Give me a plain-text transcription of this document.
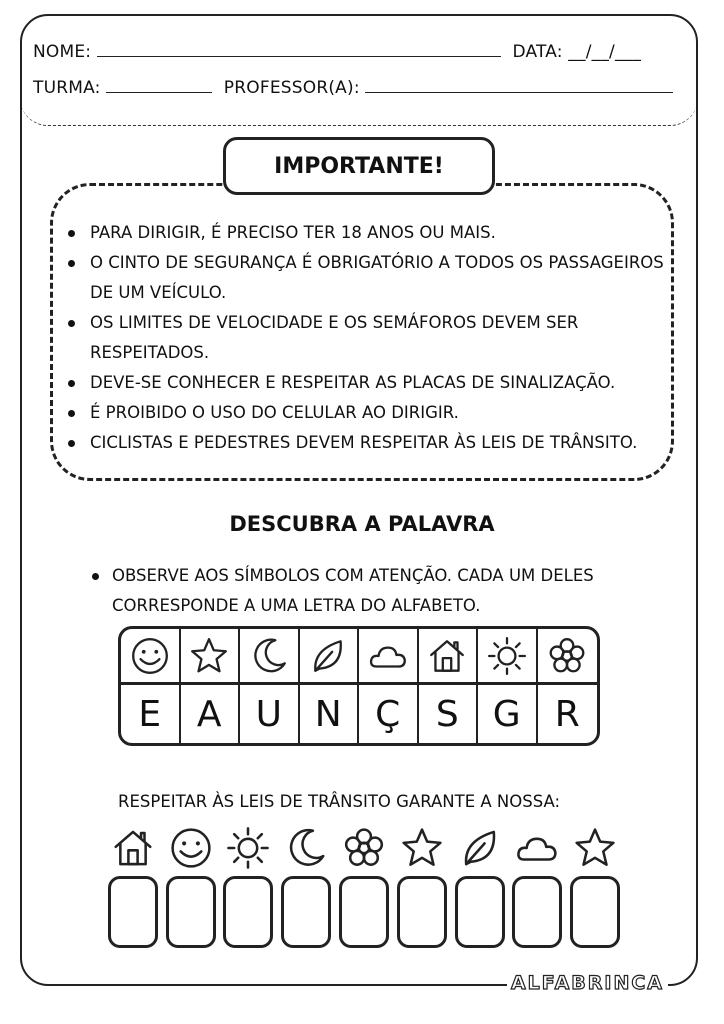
NOME:	DATA: __/__/___
TURMA:	PROFESSOR(A):
IMPORTANTE!
PARA DIRIGIR, É PRECISO TER 18 ANOS OU MAIS.
O CINTO DE SEGURANÇA É OBRIGATÓRIO A TODOS OS PASSAGEIROS DE UM VEÍCULO.
OS LIMITES DE VELOCIDADE E OS SEMÁFOROS DEVEM SER RESPEITADOS.
DEVE-SE CONHECER E RESPEITAR AS PLACAS DE SINALIZAÇÃO.
É PROIBIDO O USO DO CELULAR AO DIRIGIR.
CICLISTAS E PEDESTRES DEVEM RESPEITAR ÀS LEIS DE TRÂNSITO.
DESCUBRA A PALAVRA
OBSERVE AOS SÍMBOLOS COM ATENÇÃO. CADA UM DELES CORRESPONDE A UMA LETRA DO ALFABETO.
E A U N Ç S G R
RESPEITAR ÀS LEIS DE TRÂNSITO GARANTE A NOSSA:
ALFABRINCA
